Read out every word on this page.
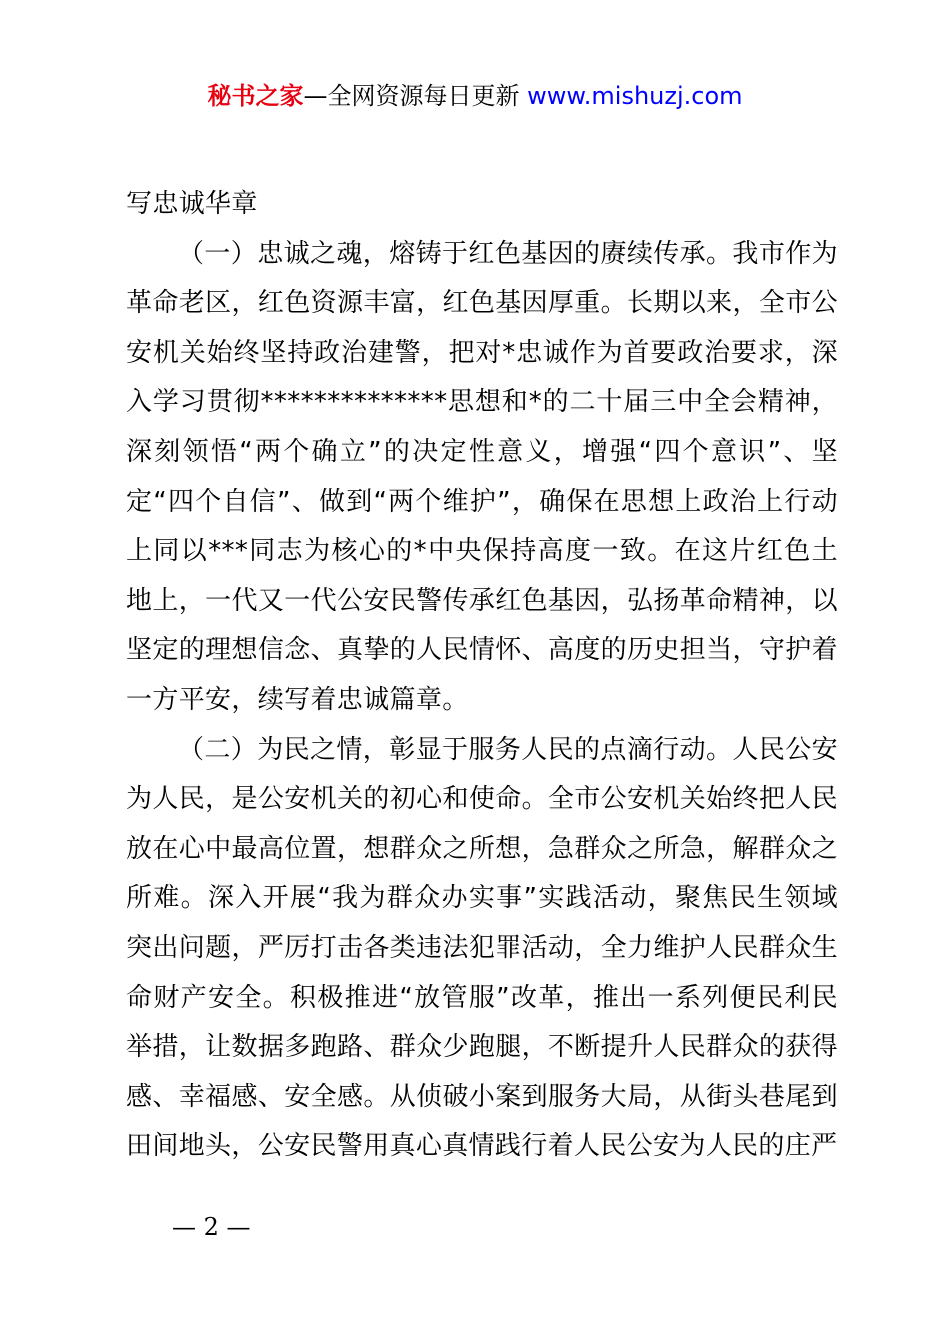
秘书之家—全网资源每日更新 www.mishuzj.com

写忠诚华章

（一）忠诚之魂，熔铸于红色基因的赓续传承。我市作为革命老区，红色资源丰富，红色基因厚重。长期以来，全市公安机关始终坚持政治建警，把对*忠诚作为首要政治要求，深入学习贯彻**************思想和*的二十届三中全会精神，深刻领悟“两个确立”的决定性意义，增强“四个意识”、坚定“四个自信”、做到“两个维护”，确保在思想上政治上行动上同以***同志为核心的*中央保持高度一致。在这片红色土地上，一代又一代公安民警传承红色基因，弘扬革命精神，以坚定的理想信念、真挚的人民情怀、高度的历史担当，守护着一方平安，续写着忠诚篇章。

（二）为民之情，彰显于服务人民的点滴行动。人民公安为人民，是公安机关的初心和使命。全市公安机关始终把人民放在心中最高位置，想群众之所想，急群众之所急，解群众之所难。深入开展“我为群众办实事”实践活动，聚焦民生领域突出问题，严厉打击各类违法犯罪活动，全力维护人民群众生命财产安全。积极推进“放管服”改革，推出一系列便民利民举措，让数据多跑路、群众少跑腿，不断提升人民群众的获得感、幸福感、安全感。从侦破小案到服务大局，从街头巷尾到田间地头，公安民警用真心真情践行着人民公安为人民的庄严

— 2 —
